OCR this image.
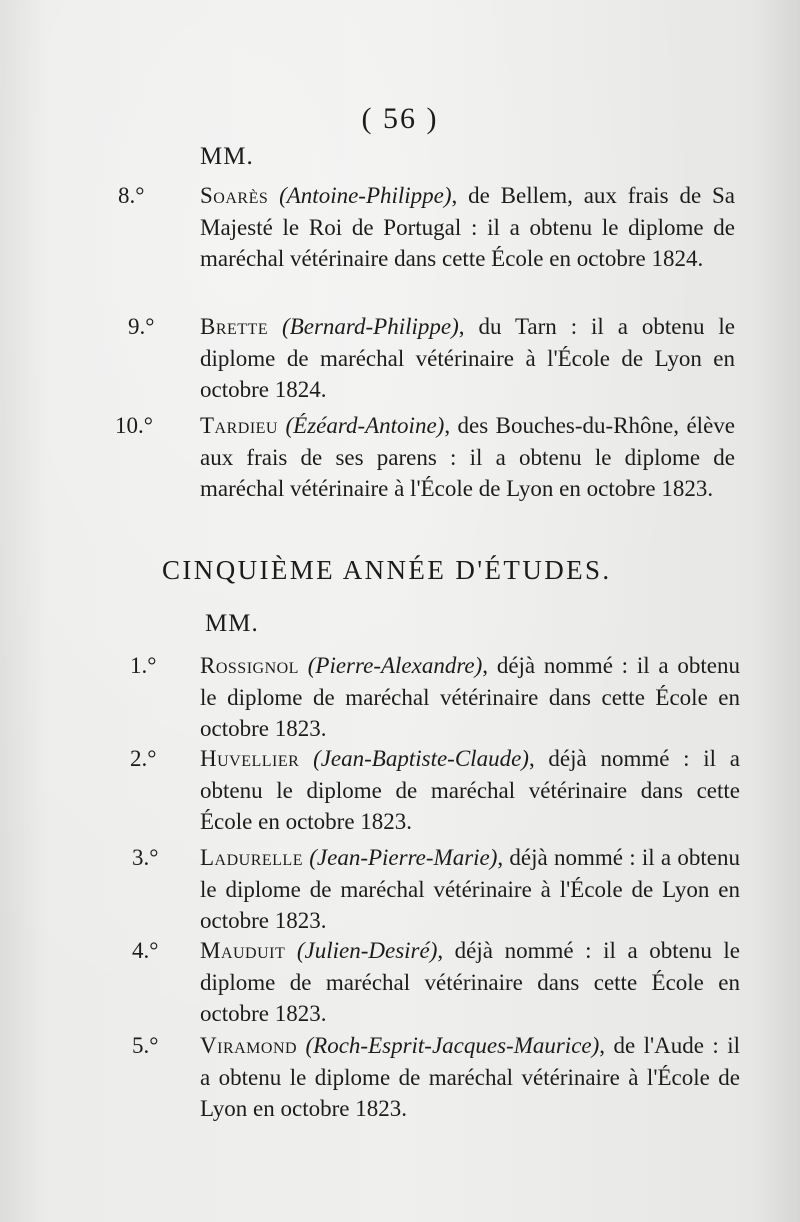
( 56 )
MM.
8.° Soarès (Antoine-Philippe), de Bellem, aux frais de Sa Majesté le Roi de Portugal : il a obtenu le diplome de maréchal vétérinaire dans cette École en octobre 1824.
9.° Brette (Bernard-Philippe), du Tarn : il a obtenu le diplome de maréchal vétérinaire à l'École de Lyon en octobre 1824.
10.° Tardieu (Ézéard-Antoine), des Bouches-du-Rhône, élève aux frais de ses parens : il a obtenu le diplome de maréchal vétérinaire à l'École de Lyon en octobre 1823.
CINQUIÈME ANNÉE D'ÉTUDES.
MM.
1.° Rossignol (Pierre-Alexandre), déjà nommé : il a obtenu le diplome de maréchal vétérinaire dans cette École en octobre 1823.
2.° Huvellier (Jean-Baptiste-Claude), déjà nommé : il a obtenu le diplome de maréchal vétérinaire dans cette École en octobre 1823.
3.° Ladurelle (Jean-Pierre-Marie), déjà nommé : il a obtenu le diplome de maréchal vétérinaire à l'École de Lyon en octobre 1823.
4.° Mauduit (Julien-Desiré), déjà nommé : il a obtenu le diplome de maréchal vétérinaire dans cette École en octobre 1823.
5.° Viramond (Roch-Esprit-Jacques-Maurice), de l'Aude : il a obtenu le diplome de maréchal vétérinaire à l'École de Lyon en octobre 1823.
